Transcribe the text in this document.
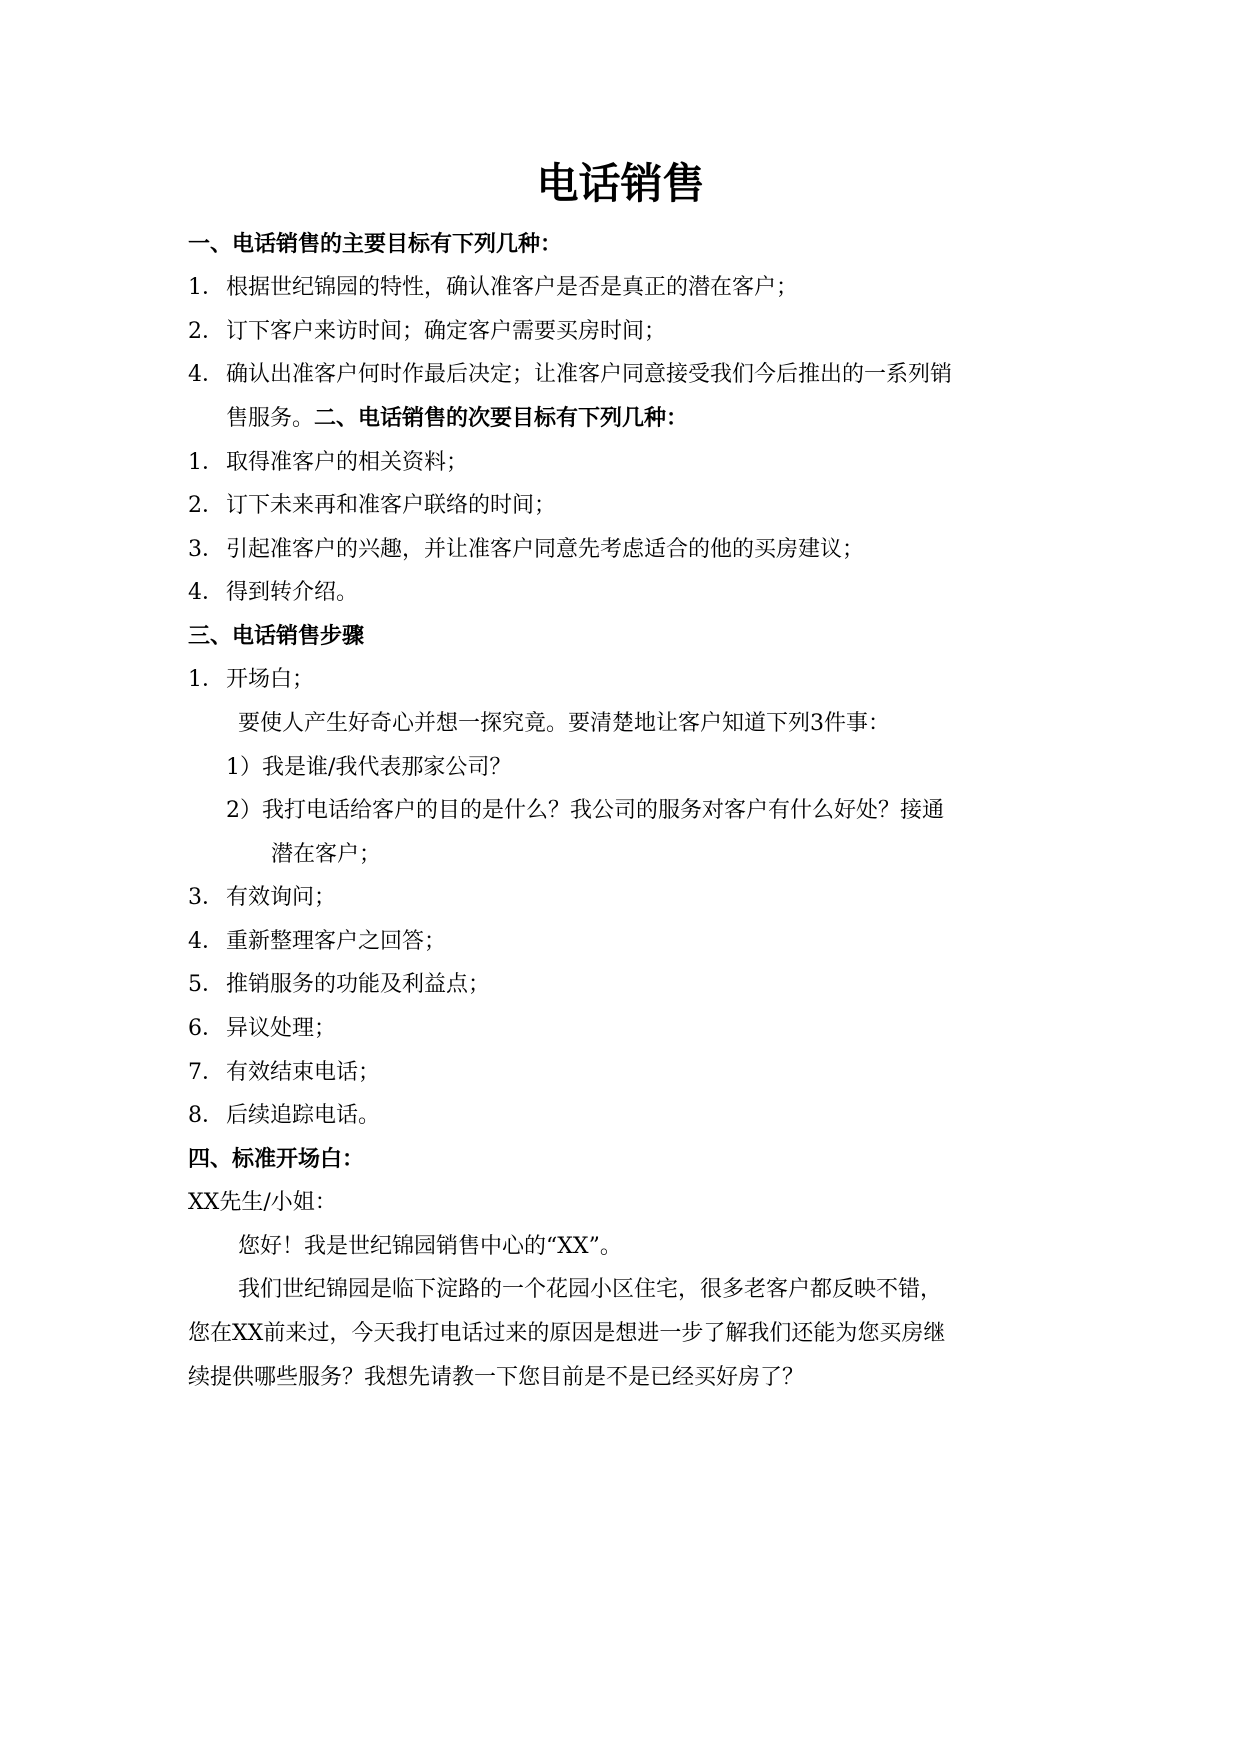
电话销售
一、电话销售的主要目标有下列几种：
1．根据世纪锦园的特性，确认准客户是否是真正的潜在客户；
2．订下客户来访时间；确定客户需要买房时间；
4．确认出准客户何时作最后决定；让准客户同意接受我们今后推出的一系列销
售服务。二、电话销售的次要目标有下列几种：
1．取得准客户的相关资料；
2．订下未来再和准客户联络的时间；
3．引起准客户的兴趣，并让准客户同意先考虑适合的他的买房建议；
4．得到转介绍。
三、电话销售步骤
1．开场白；
要使人产生好奇心并想一探究竟。要清楚地让客户知道下列3件事：
1）我是谁/我代表那家公司？
2）我打电话给客户的目的是什么？我公司的服务对客户有什么好处？接通
潜在客户；
3．有效询问；
4．重新整理客户之回答；
5．推销服务的功能及利益点；
6．异议处理；
7．有效结束电话；
8．后续追踪电话。
四、标准开场白：
XX先生/小姐：
您好！我是世纪锦园销售中心的“XX”。
我们世纪锦园是临下淀路的一个花园小区住宅，很多老客户都反映不错，
您在XX前来过，今天我打电话过来的原因是想进一步了解我们还能为您买房继
续提供哪些服务？我想先请教一下您目前是不是已经买好房了？
